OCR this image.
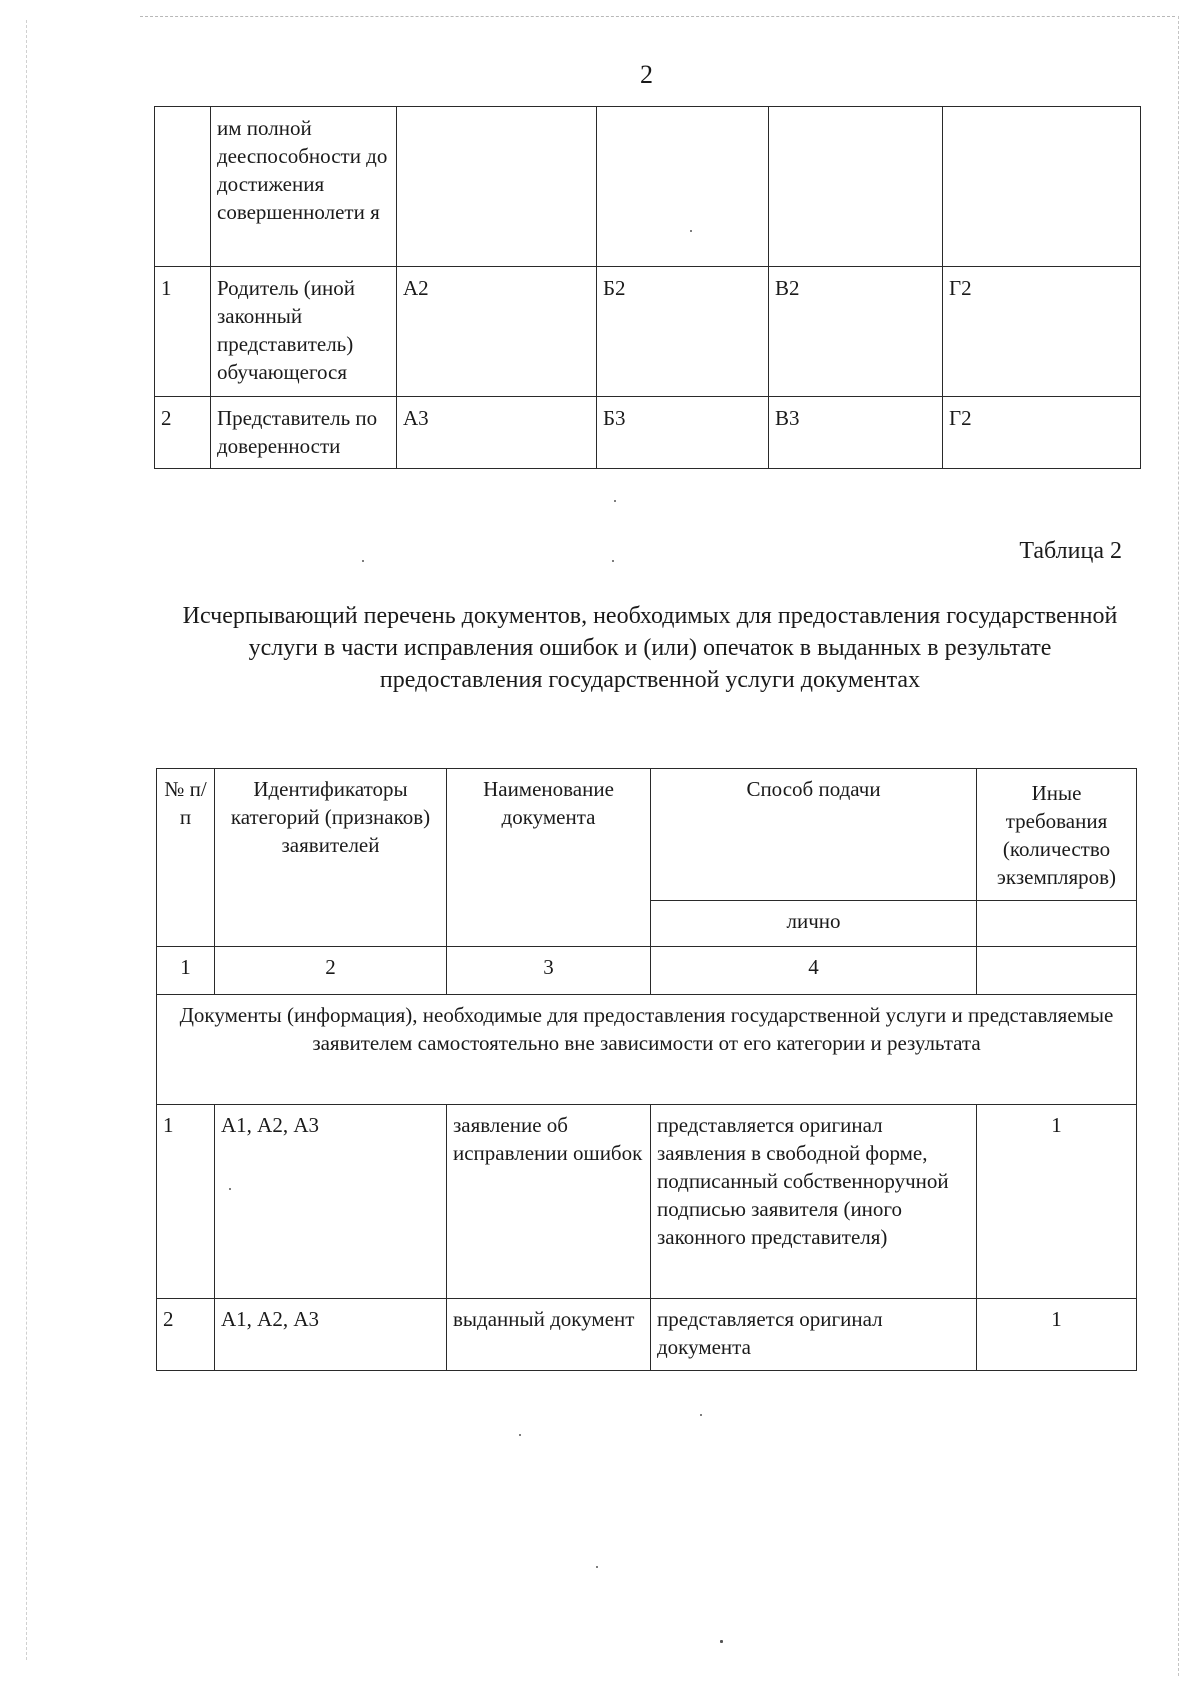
2
	им полной дееспособности до достижения совершеннолети я				
1	Родитель (иной законный представитель) обучающегося	А2	Б2	В2	Г2
2	Представитель по доверенности	А3	Б3	В3	Г2
Таблица 2
Исчерпывающий перечень документов, необходимых для предоставления государственной услуги в части исправления ошибок и (или) опечаток в выданных в результате предоставления государственной услуги документах
№ п/п	Идентификаторы категорий (признаков) заявителей	Наименование документа	Способ подачи	Иные требования (количество экземпляров)
			лично	
1	2	3	4	
Документы (информация), необходимые для предоставления государственной услуги и представляемые заявителем самостоятельно вне зависимости от его категории и результата				
1	А1, А2, А3	заявление об исправлении ошибок	представляется оригинал заявления в свободной форме, подписанный собственноручной подписью заявителя (иного законного представителя)	1
2	А1, А2, А3	выданный документ	представляется оригинал документа	1
